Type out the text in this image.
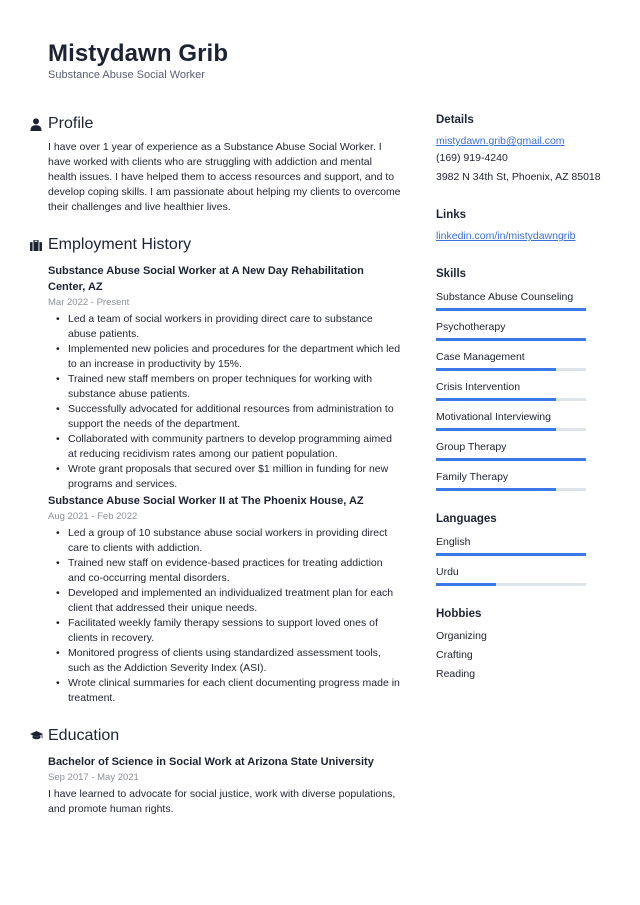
Mistydawn Grib
Substance Abuse Social Worker
Profile
I have over 1 year of experience as a Substance Abuse Social Worker. I have worked with clients who are struggling with addiction and mental health issues. I have helped them to access resources and support, and to develop coping skills. I am passionate about helping my clients to overcome their challenges and live healthier lives.
Employment History
Substance Abuse Social Worker at A New Day Rehabilitation Center, AZ
Mar 2022 - Present
• Led a team of social workers in providing direct care to substance abuse patients.
• Implemented new policies and procedures for the department which led to an increase in productivity by 15%.
• Trained new staff members on proper techniques for working with substance abuse patients.
• Successfully advocated for additional resources from administration to support the needs of the department.
• Collaborated with community partners to develop programming aimed at reducing recidivism rates among our patient population.
• Wrote grant proposals that secured over $1 million in funding for new programs and services.
Substance Abuse Social Worker II at The Phoenix House, AZ
Aug 2021 - Feb 2022
• Led a group of 10 substance abuse social workers in providing direct care to clients with addiction.
• Trained new staff on evidence-based practices for treating addiction and co-occurring mental disorders.
• Developed and implemented an individualized treatment plan for each client that addressed their unique needs.
• Facilitated weekly family therapy sessions to support loved ones of clients in recovery.
• Monitored progress of clients using standardized assessment tools, such as the Addiction Severity Index (ASI).
• Wrote clinical summaries for each client documenting progress made in treatment.
Education
Bachelor of Science in Social Work at Arizona State University
Sep 2017 - May 2021
I have learned to advocate for social justice, work with diverse populations, and promote human rights.
Details
mistydawn.grib@gmail.com
(169) 919-4240
3982 N 34th St, Phoenix, AZ 85018
Links
linkedin.com/in/mistydawngrib
Skills
Substance Abuse Counseling
Psychotherapy
Case Management
Crisis Intervention
Motivational Interviewing
Group Therapy
Family Therapy
Languages
English
Urdu
Hobbies
Organizing
Crafting
Reading
